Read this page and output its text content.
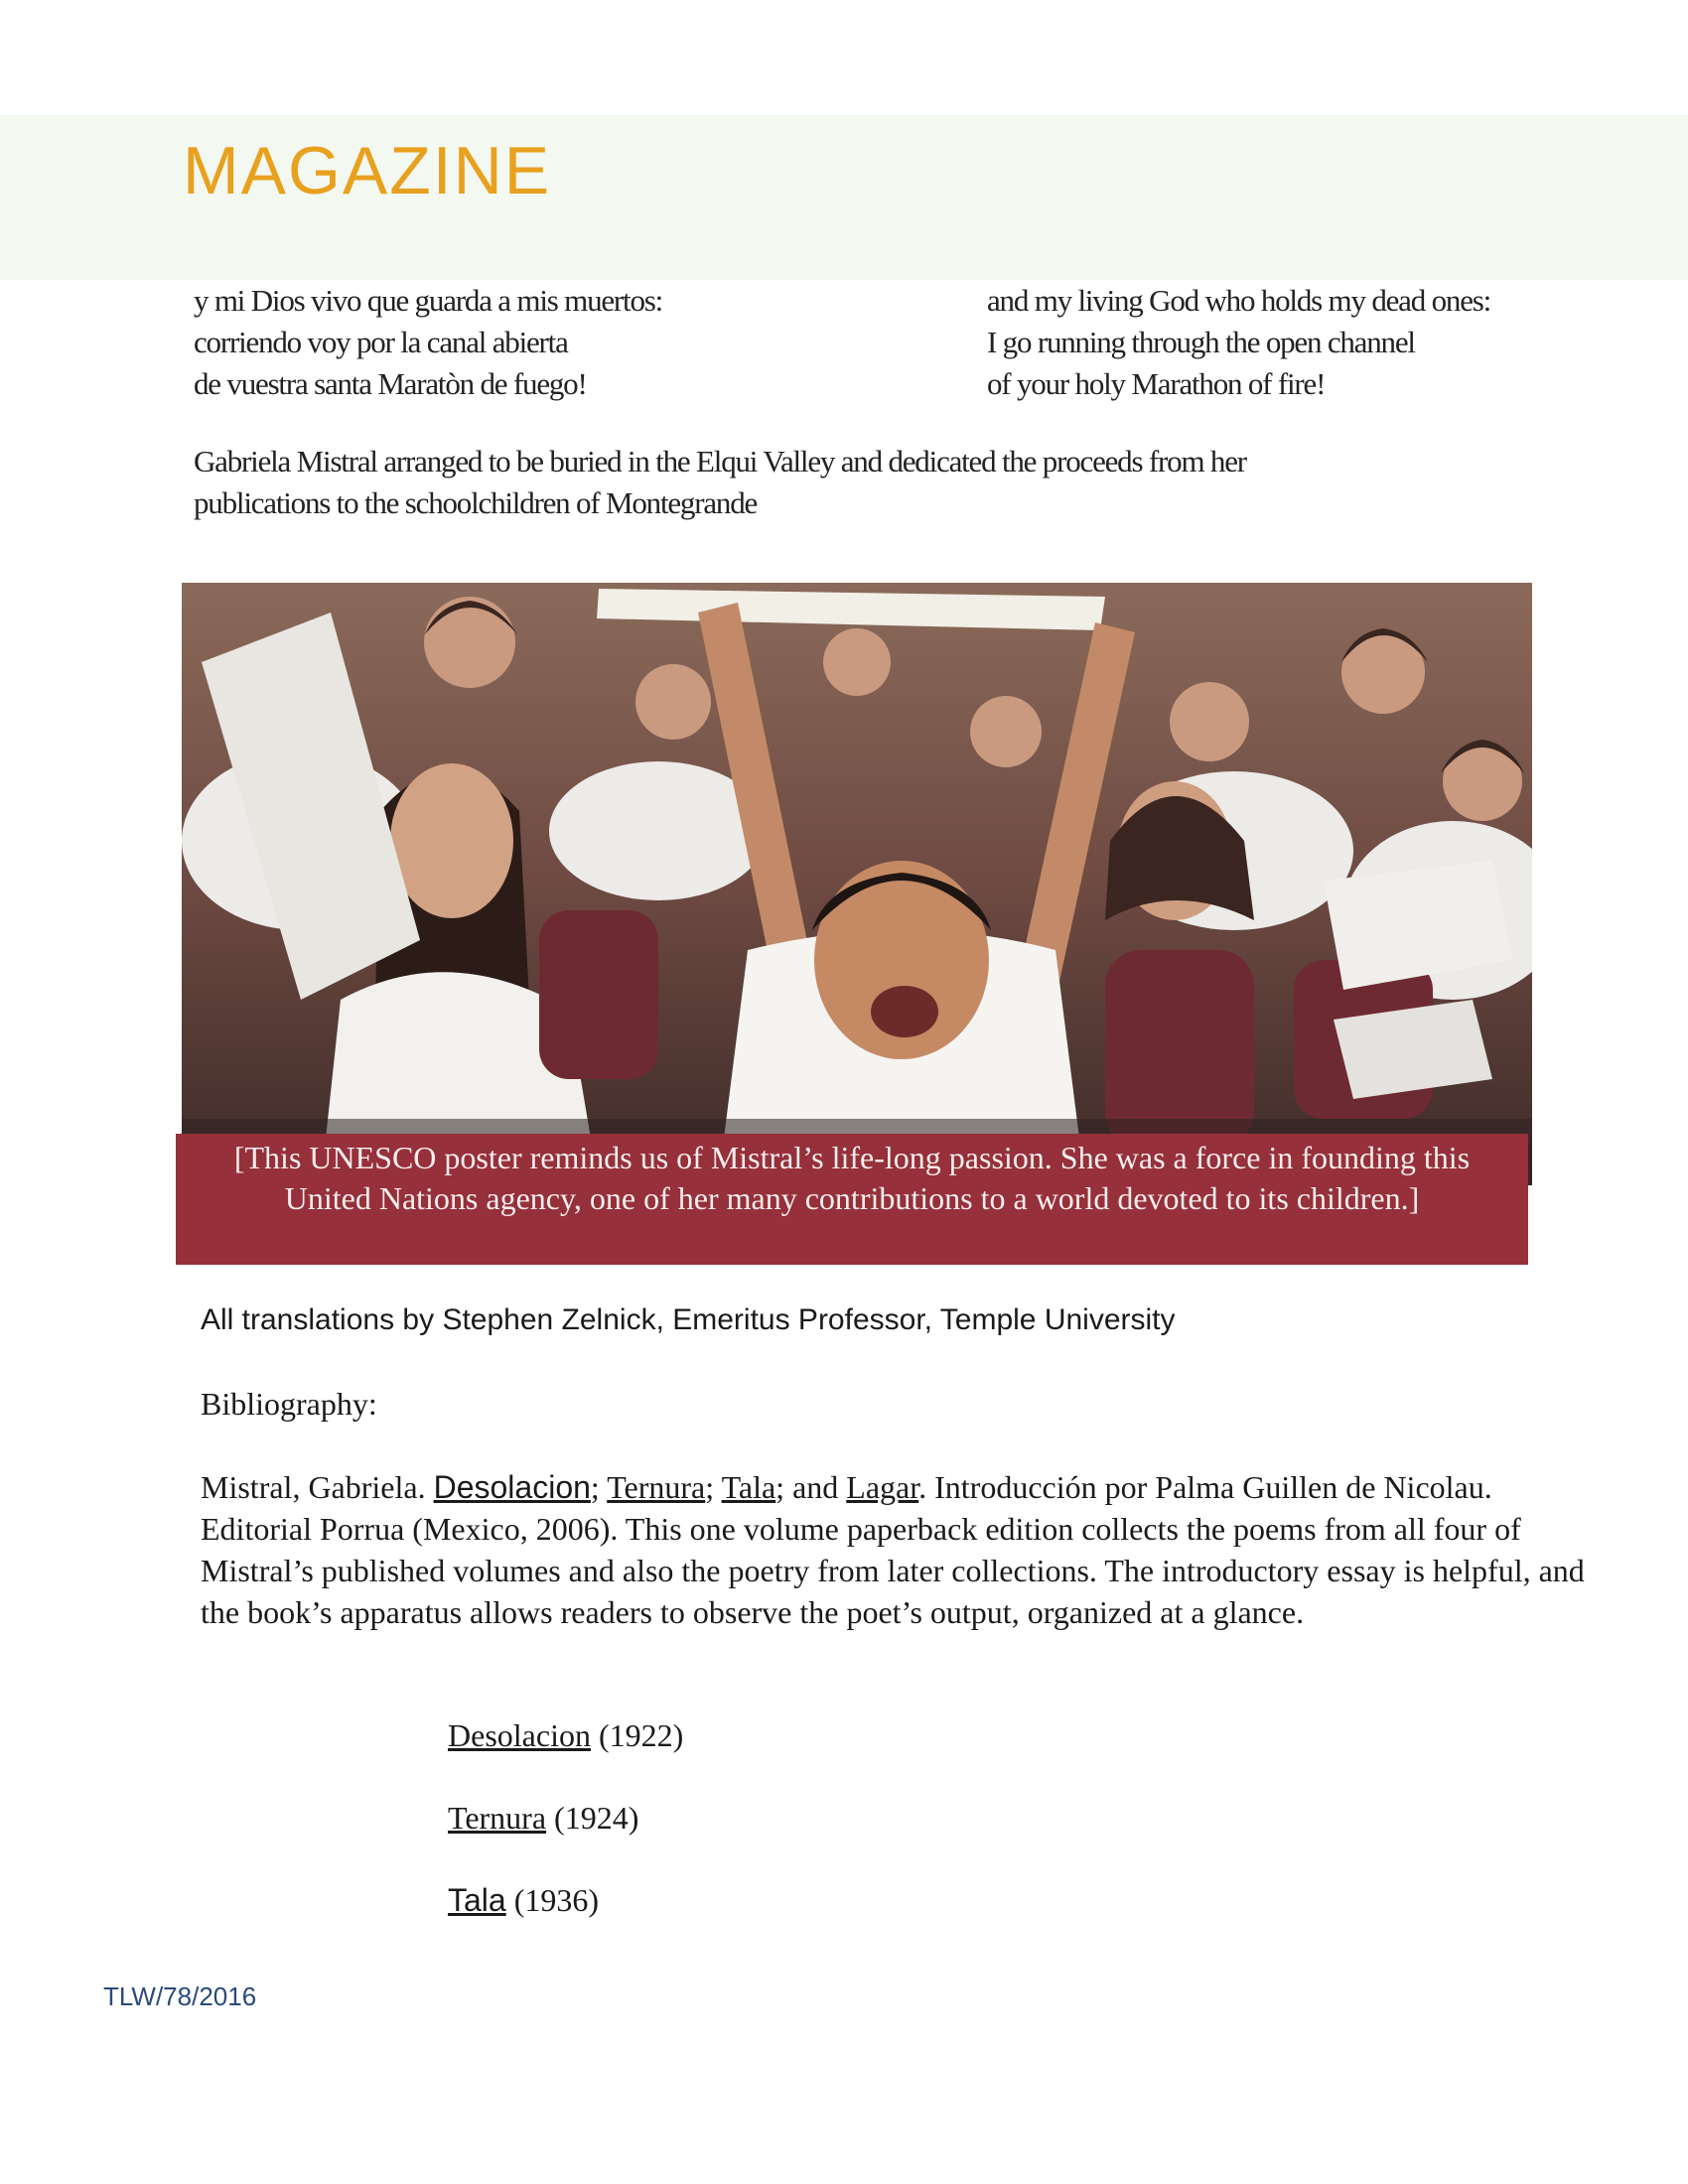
MAGAZINE
y mi Dios vivo que guarda a mis muertos:
corriendo voy por la canal abierta
de vuestra santa Maratòn de fuego!
and my living God who holds my dead ones:
I go running through the open channel
of your holy Marathon of fire!

Gabriela Mistral arranged to be buried in the Elqui Valley and dedicated the proceeds from her publications to the schoolchildren of Montegrande

[This UNESCO poster reminds us of Mistral’s life-long passion. She was a force in founding this United Nations agency, one of her many contributions to a world devoted to its children.]

All translations by Stephen Zelnick, Emeritus Professor, Temple University

Bibliography:

Mistral, Gabriela. Desolacion; Ternura; Tala; and Lagar. Introducción por Palma Guillen de Nicolau. Editorial Porrua (Mexico, 2006). This one volume paperback edition collects the poems from all four of Mistral’s published volumes and also the poetry from later collections. The introductory essay is helpful, and the book’s apparatus allows readers to observe the poet’s output, organized at a glance.

Desolacion (1922)
Ternura (1924)
Tala (1936)
TLW/78/2016
